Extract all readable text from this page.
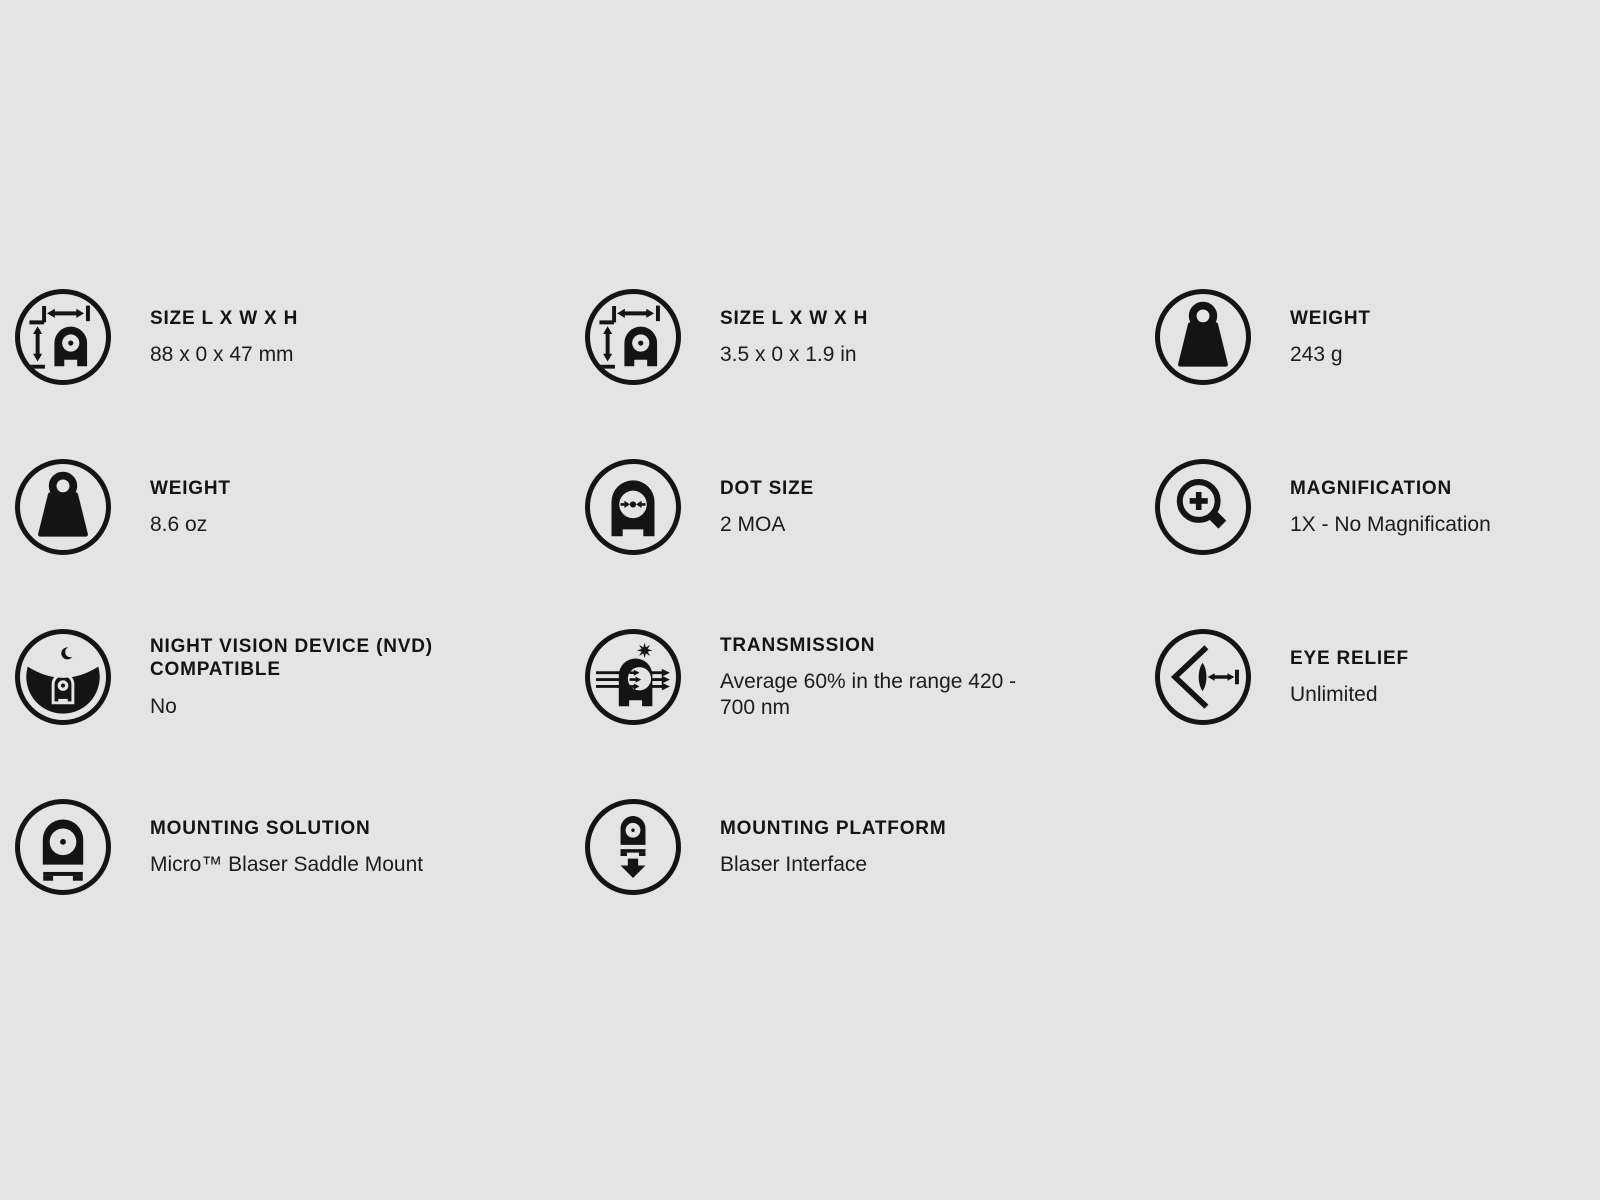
SIZE L X W X H
88 x 0 x 47 mm
SIZE L X W X H
3.5 x 0 x 1.9 in
WEIGHT
243 g
WEIGHT
8.6 oz
DOT SIZE
2 MOA
MAGNIFICATION
1X - No Magnification
NIGHT VISION DEVICE (NVD) COMPATIBLE
No
TRANSMISSION
Average 60% in the range 420 - 700 nm
EYE RELIEF
Unlimited
MOUNTING SOLUTION
Micro™ Blaser Saddle Mount
MOUNTING PLATFORM
Blaser Interface
